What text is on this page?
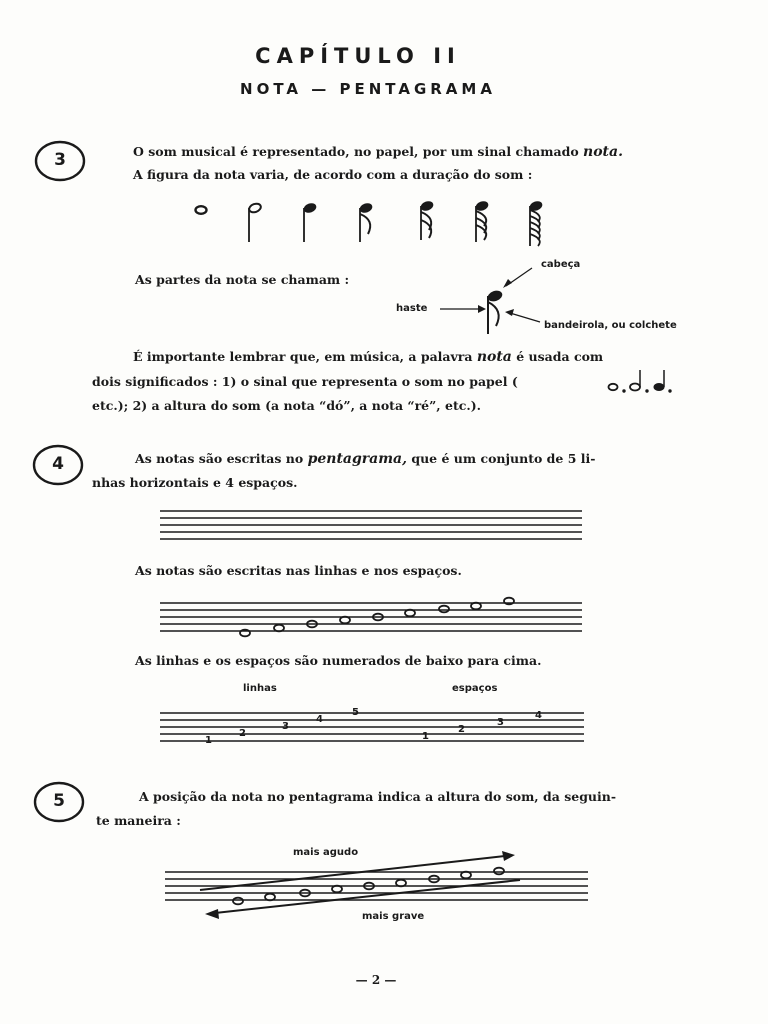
CAPÍTULO II
NOTA — PENTAGRAMA
3
4
5
O som musical é representado, no papel, por um sinal chamado nota.
A figura da nota varia, de acordo com a duração do som :
As partes da nota se chamam :
cabeça
haste
bandeirola, ou colchete
É importante lembrar que, em música, a palavra nota é usada com
dois significados : 1) o sinal que representa o som no papel (
etc.); 2) a altura do som (a nota “dó”, a nota “ré”, etc.).
As notas são escritas no pentagrama, que é um conjunto de 5 li-
nhas horizontais e 4 espaços.
As notas são escritas nas linhas e nos espaços.
As linhas e os espaços são numerados de baixo para cima.
linhas	espaços
1
2
3
4
5
1
2
3
4
A posição da nota no pentagrama indica a altura do som, da seguin-
te maneira :
mais agudo
mais grave
— 2 —
